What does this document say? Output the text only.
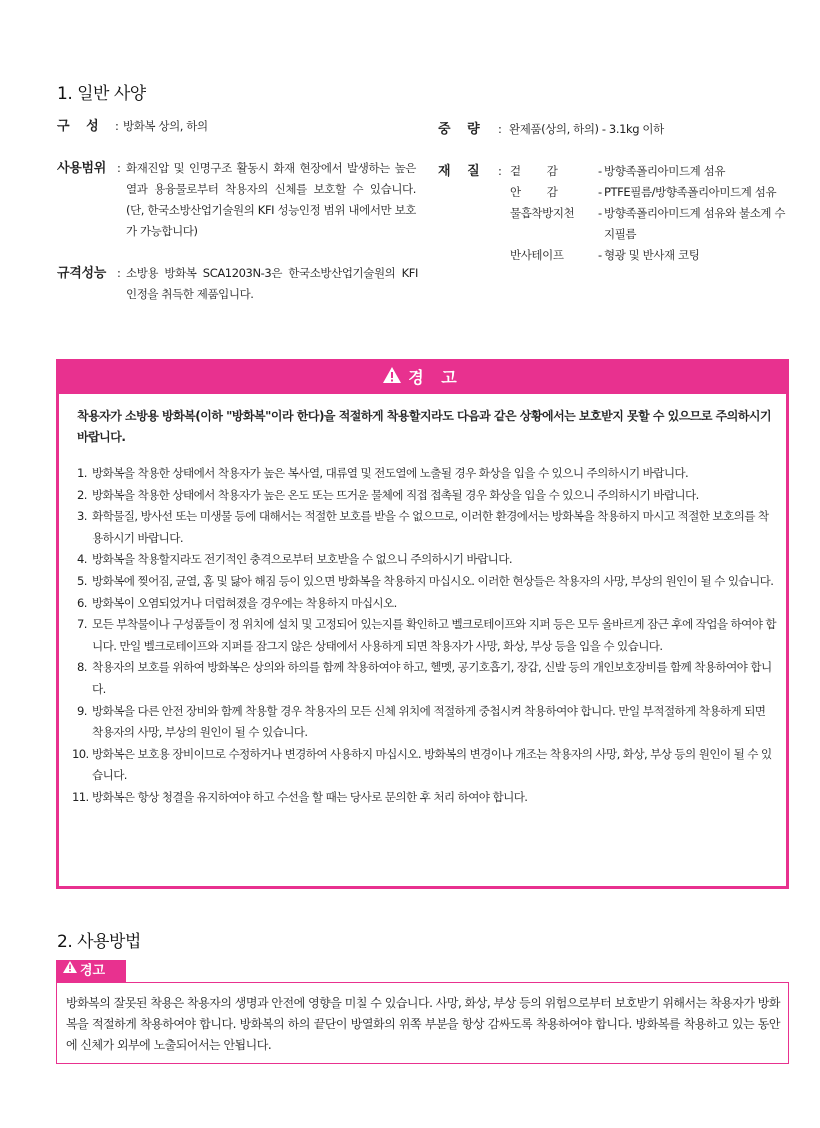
1. 일반 사양
구    성 : 방화복 상의, 하의
사용범위 : 화재진압 및 인명구조 활동시 화재 현장에서 발생하는 높은 열과 용융물로부터 착용자의 신체를 보호할 수 있습니다. (단, 한국소방산업기술원의 KFI 성능인정 범위 내에서만 보호가 가능합니다)
규격성능 : 소방용 방화복 SCA1203N-3은 한국소방산업기술원의 KFI 인정을 취득한 제품입니다.
중    량 : 완제품(상의, 하의) - 3.1kg 이하
재    질 : 겉        감	- 방향족폴리아미드계 섬유
안        감	- PTFE필름/방향족폴리아미드계 섬유
물흡착방지천 - 방향족폴리아미드계 섬유와 불소계 수지필름
반사테이프	- 형광 및 반사재 코팅
경 고
착용자가 소방용 방화복(이하 "방화복"이라 한다)을 적절하게 착용할지라도 다음과 같은 상황에서는 보호받지 못할 수 있으므로 주의하시기 바랍니다.
1. 방화복을 착용한 상태에서 착용자가 높은 복사열, 대류열 및 전도열에 노출될 경우 화상을 입을 수 있으니 주의하시기 바랍니다.
2. 방화복을 착용한 상태에서 착용자가 높은 온도 또는 뜨거운 물체에 직접 접촉될 경우 화상을 입을 수 있으니 주의하시기 바랍니다.
3. 화학물질, 방사선 또는 미생물 등에 대해서는 적절한 보호를 받을 수 없으므로, 이러한 환경에서는 방화복을 착용하지 마시고 적절한 보호의를 착용하시기 바랍니다.
4. 방화복을 착용할지라도 전기적인 충격으로부터 보호받을 수 없으니 주의하시기 바랍니다.
5. 방화복에 찢어짐, 균열, 홈 및 닳아 해짐 등이 있으면 방화복을 착용하지 마십시오. 이러한 현상들은 착용자의 사망, 부상의 원인이 될 수 있습니다.
6. 방화복이 오염되었거나 더럽혀졌을 경우에는 착용하지 마십시오.
7. 모든 부착물이나 구성품들이 정 위치에 설치 및 고정되어 있는지를 확인하고 벨크로테이프와 지퍼 등은 모두 올바르게 잠근 후에 작업을 하여야 합니다. 만일 벨크로테이프와 지퍼를 잠그지 않은 상태에서 사용하게 되면 착용자가 사망, 화상, 부상 등을 입을 수 있습니다.
8. 착용자의 보호를 위하여 방화복은 상의와 하의를 함께 착용하여야 하고, 헬멧, 공기호흡기, 장갑, 신발 등의 개인보호장비를 함께 착용하여야 합니다.
9. 방화복을 다른 안전 장비와 함께 착용할 경우 착용자의 모든 신체 위치에 적절하게 중첩시켜 착용하여야 합니다. 만일 부적절하게 착용하게 되면 착용자의 사망, 부상의 원인이 될 수 있습니다.
10. 방화복은 보호용 장비이므로 수정하거나 변경하여 사용하지 마십시오. 방화복의 변경이나 개조는 착용자의 사망, 화상, 부상 등의 원인이 될 수 있습니다.
11. 방화복은 항상 청결을 유지하여야 하고 수선을 할 때는 당사로 문의한 후 처리 하여야 합니다.
2. 사용방법
경고
방화복의 잘못된 착용은 착용자의 생명과 안전에 영향을 미칠 수 있습니다. 사망, 화상, 부상 등의 위험으로부터 보호받기 위해서는 착용자가 방화복을 적절하게 착용하여야 합니다. 방화복의 하의 끝단이 방열화의 위쪽 부분을 항상 감싸도록 착용하여야 합니다. 방화복를 착용하고 있는 동안에 신체가 외부에 노출되어서는 안됩니다.
